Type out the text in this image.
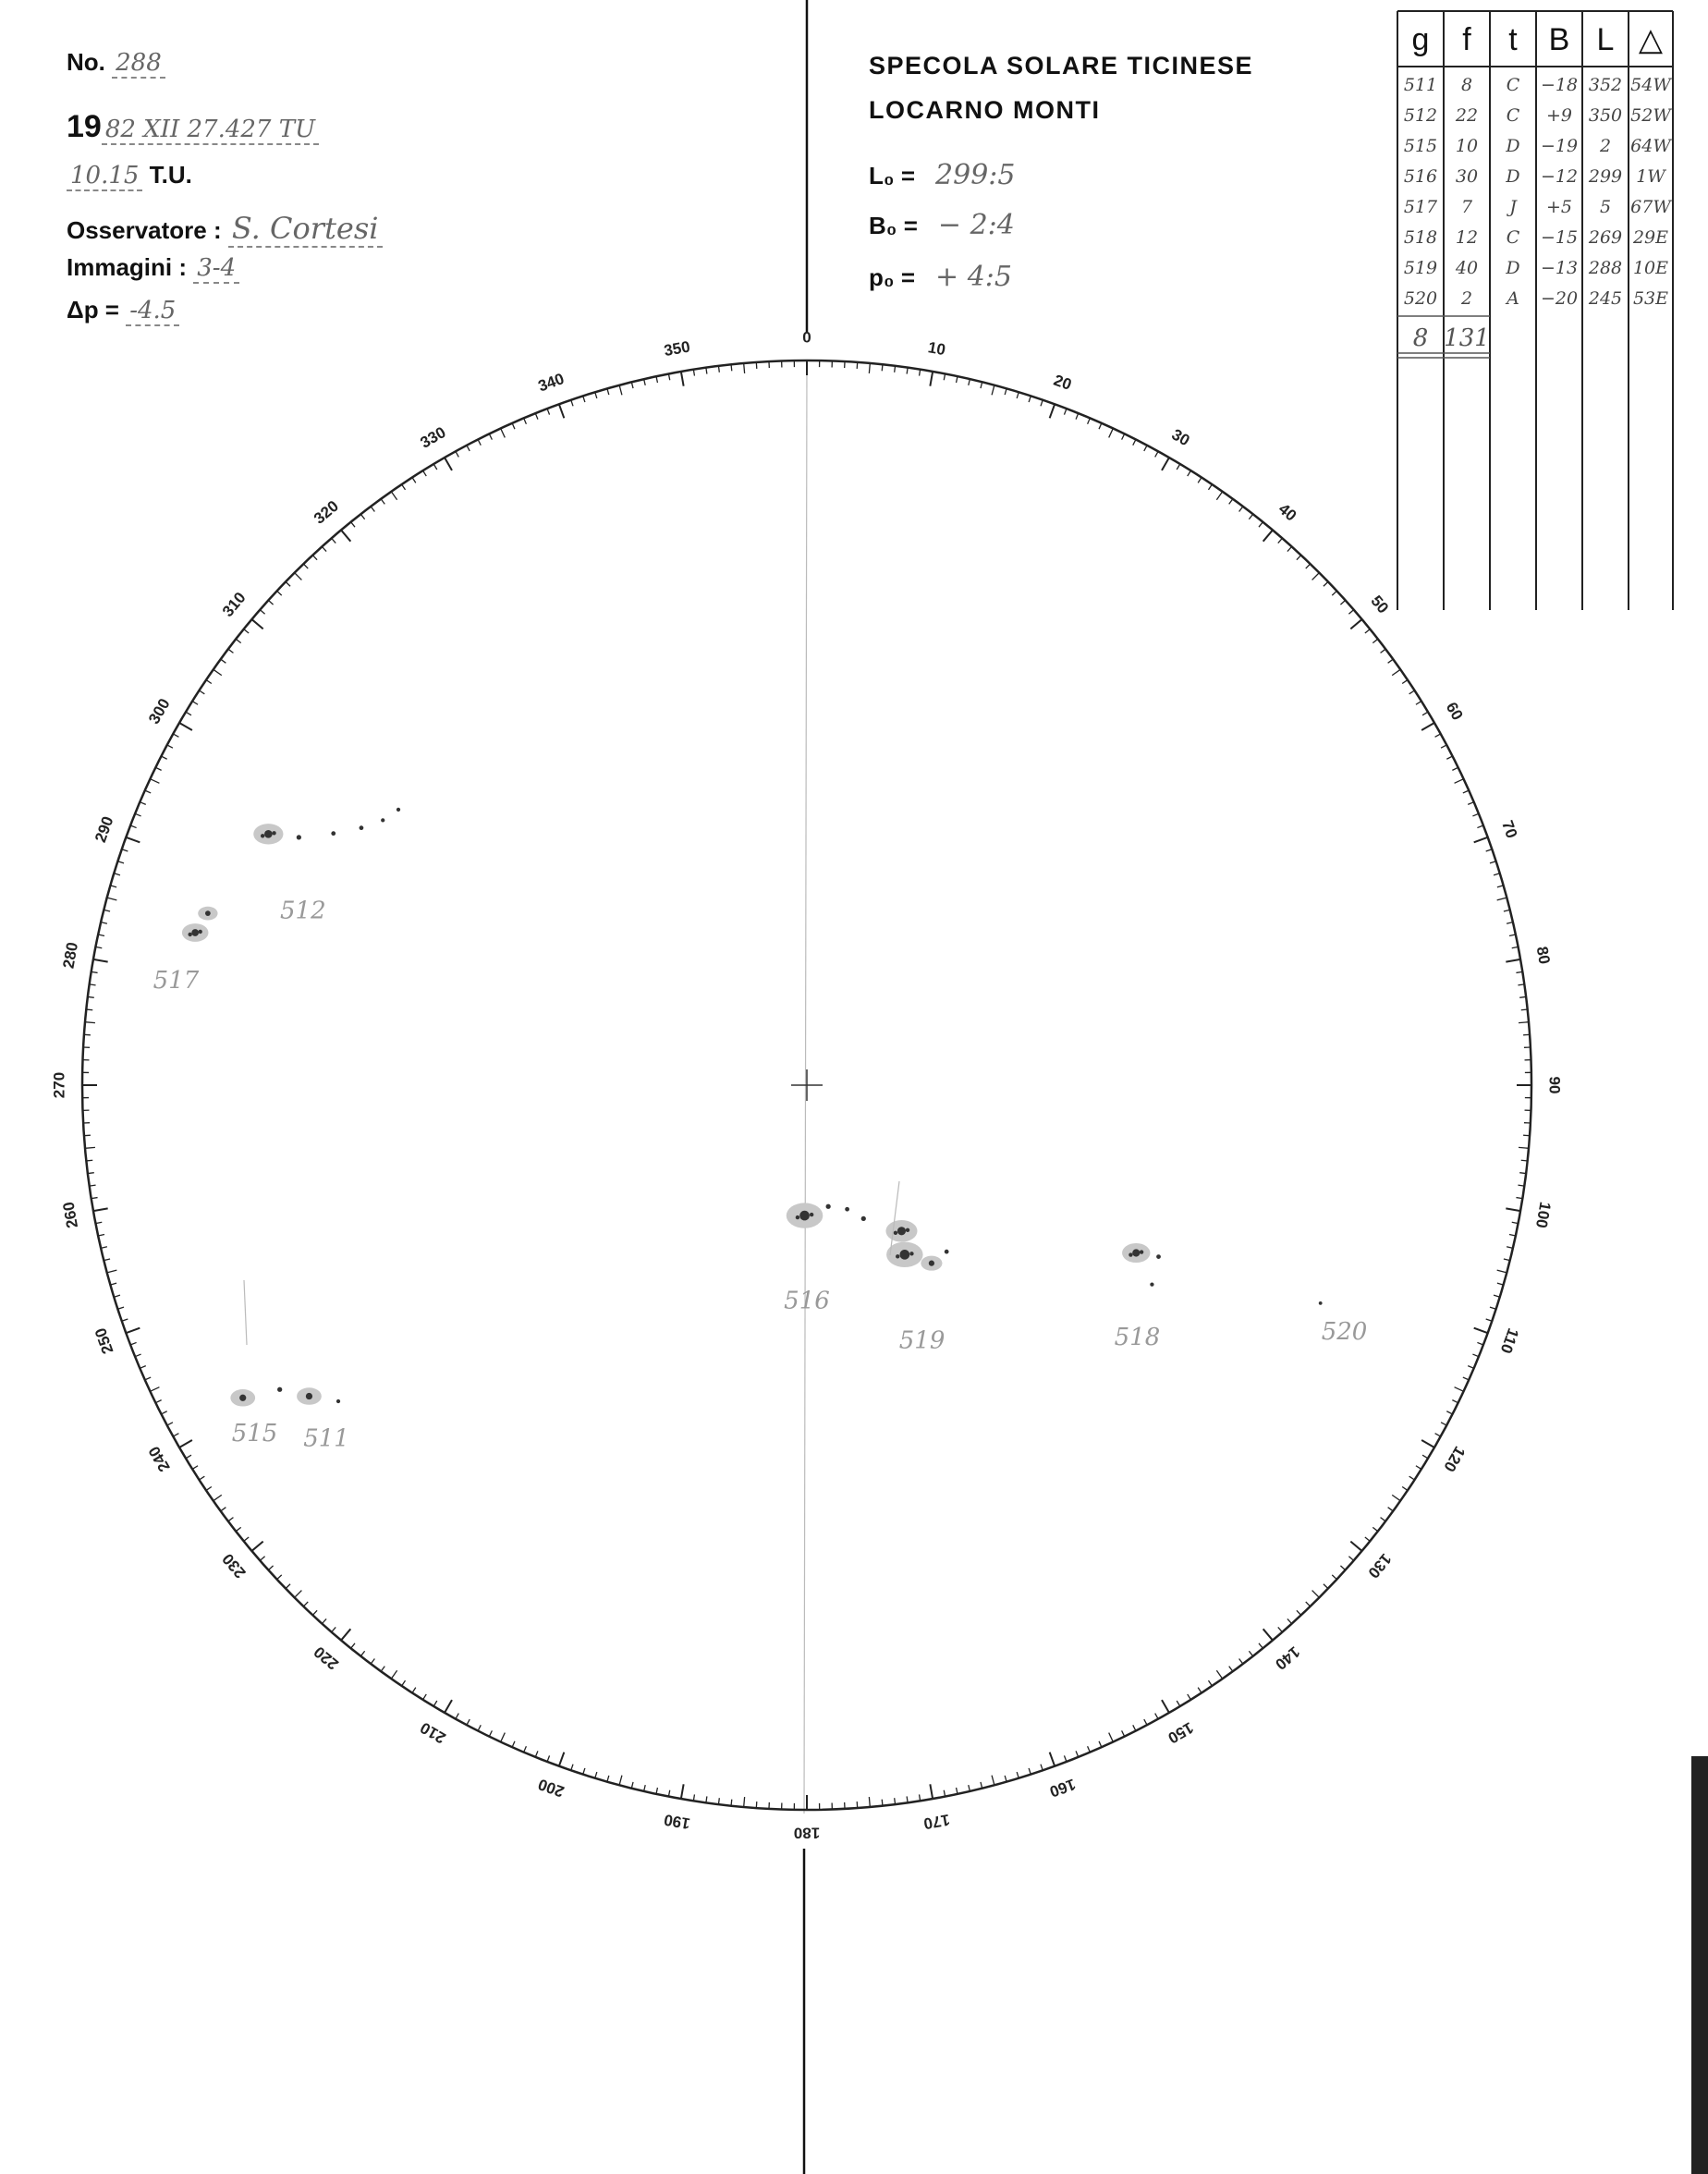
No. 288
19 82 XII 27.427 TU
10.15 T.U.
Osservatore : S. Cortesi
Immagini : 3-4
Δp = -4.5
SPECOLA SOLARE TICINESE
LOCARNO MONTI
L₀ = 299:5
B₀ = − 2:4
p₀ = + 4:5
0
10
20
30
40
50
60
70
80
90
100
110
120
130
140
150
160
170
180
190
200
210
220
230
240
250
260
270
280
290
300
310
320
330
340
350
512
517
516
519	518	520
515 511
g f t B L △
511 8 C −18 352 54W
512 22 C +9 350 52W
515 10 D −19 2 64W
516 30 D −12 299 1W
517 7 J +5 5 67W
518 12 C −15 269 29E
519 40 D −13 288 10E
520 2 A −20 245 53E
8 131
